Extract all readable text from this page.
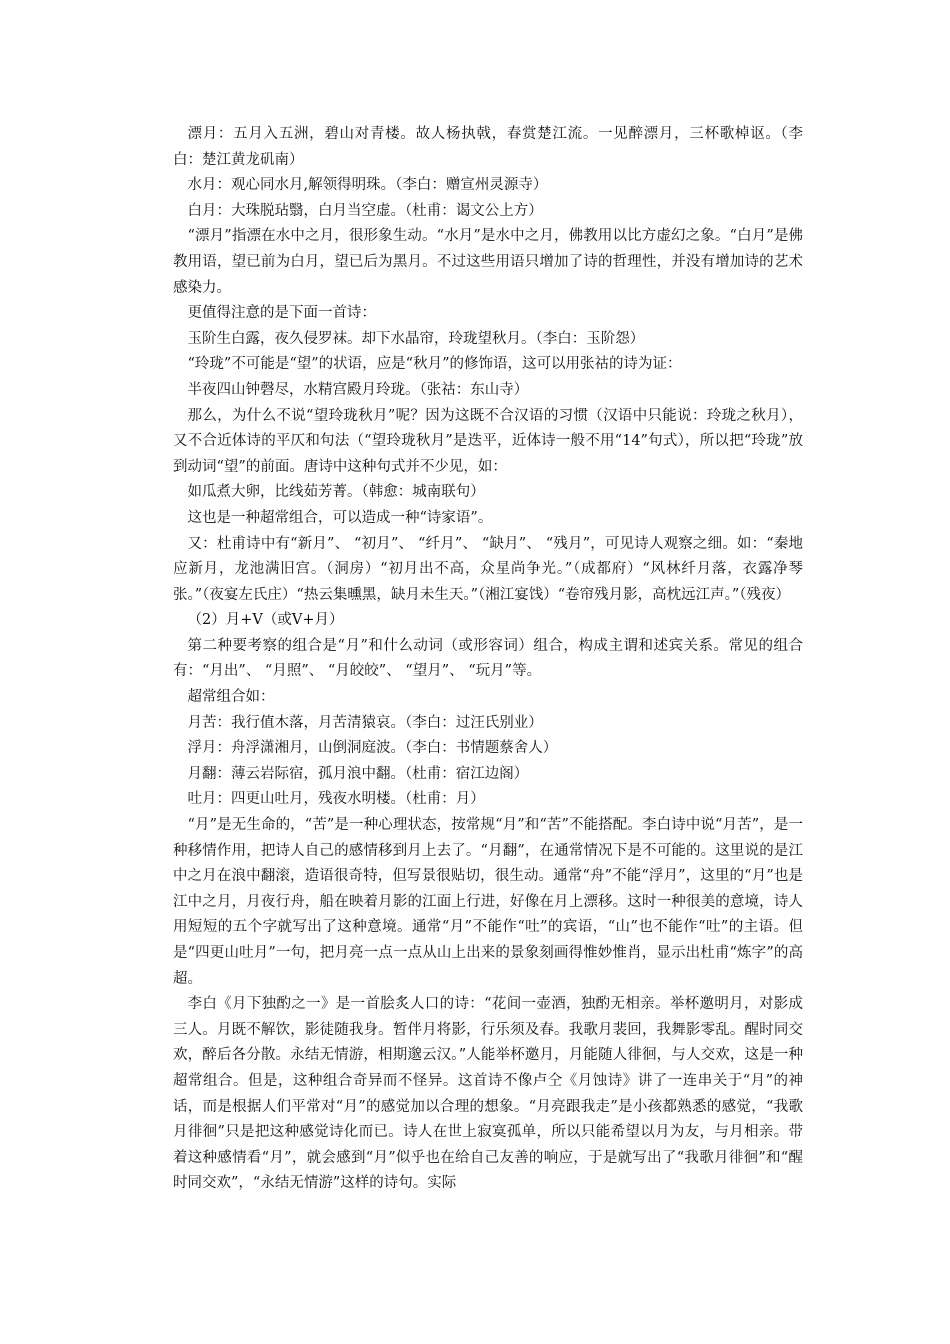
漂月：五月入五洲，碧山对青楼。故人杨执戟，春赏楚江流。一见醉漂月，三杯歌棹讴。（李白：楚江黄龙矶南）

水月：观心同水月,解领得明珠。（李白：赠宣州灵源寺）

白月：大珠脱玷翳，白月当空虚。（杜甫：谒文公上方）

“漂月”指漂在水中之月，很形象生动。“水月”是水中之月，佛教用以比方虚幻之象。“白月”是佛教用语，望已前为白月，望已后为黑月。不过这些用语只增加了诗的哲理性，并没有增加诗的艺术感染力。

更值得注意的是下面一首诗：

玉阶生白露，夜久侵罗袜。却下水晶帘，玲珑望秋月。（李白：玉阶怨）

“玲珑”不可能是“望”的状语，应是“秋月”的修饰语，这可以用张祜的诗为证：

半夜四山钟磬尽，水精宫殿月玲珑。（张祜：东山寺）

那么，为什么不说“望玲珑秋月”呢？因为这既不合汉语的习惯（汉语中只能说：玲珑之秋月），又不合近体诗的平仄和句法（“望玲珑秋月”是迭平，近体诗一般不用“14”句式），所以把“玲珑”放到动词“望”的前面。唐诗中这种句式并不少见，如：

如瓜煮大卵，比线茹芳菁。（韩愈：城南联句）

这也是一种超常组合，可以造成一种“诗家语”。

又：杜甫诗中有“新月”、 “初月”、 “纤月”、 “缺月”、 “残月”，可见诗人观察之细。如：“秦地应新月，龙池满旧宫。（洞房）“初月出不高，众星尚争光。”（成都府）“风林纤月落，衣露净琴张。”（夜宴左氏庄）“热云集曛黑，缺月未生天。”（湘江宴饯）“卷帘残月影，高枕远江声。”（残夜）

（2）月+V（或V+月）

第二种要考察的组合是“月”和什么动词（或形容词）组合，构成主谓和述宾关系。常见的组合有：“月出”、 “月照”、 “月皎皎”、 “望月”、 “玩月”等。

超常组合如：

月苦：我行值木落，月苦清猿哀。（李白：过汪氏别业）

浮月：舟浮潇湘月，山倒洞庭波。（李白：书情题蔡舍人）

月翻：薄云岩际宿，孤月浪中翻。（杜甫：宿江边阁）

吐月：四更山吐月，残夜水明楼。（杜甫：月）

“月”是无生命的，“苦”是一种心理状态，按常规“月”和“苦”不能搭配。李白诗中说“月苦”，是一种移情作用，把诗人自己的感情移到月上去了。“月翻”，在通常情况下是不可能的。这里说的是江中之月在浪中翻滚，造语很奇特，但写景很贴切，很生动。通常“舟”不能“浮月”，这里的“月”也是江中之月，月夜行舟，船在映着月影的江面上行进，好像在月上漂移。这时一种很美的意境，诗人用短短的五个字就写出了这种意境。通常“月”不能作“吐”的宾语，“山”也不能作“吐”的主语。但是“四更山吐月”一句，把月亮一点一点从山上出来的景象刻画得惟妙惟肖，显示出杜甫“炼字”的高超。

李白《月下独酌之一》是一首脍炙人口的诗：“花间一壶酒，独酌无相亲。举杯邀明月，对影成三人。月既不解饮，影徒随我身。暂伴月将影，行乐须及春。我歌月裴回，我舞影零乱。醒时同交欢，醉后各分散。永结无情游，相期邈云汉。”人能举杯邀月，月能随人徘徊，与人交欢，这是一种超常组合。但是，这种组合奇异而不怪异。这首诗不像卢仝《月蚀诗》讲了一连串关于“月”的神话，而是根据人们平常对“月”的感觉加以合理的想象。“月亮跟我走”是小孩都熟悉的感觉，“我歌月徘徊”只是把这种感觉诗化而已。诗人在世上寂寞孤单，所以只能希望以月为友，与月相亲。带着这种感情看“月”，就会感到“月”似乎也在给自己友善的响应，于是就写出了“我歌月徘徊”和“醒时同交欢”，“永结无情游”这样的诗句。实际
